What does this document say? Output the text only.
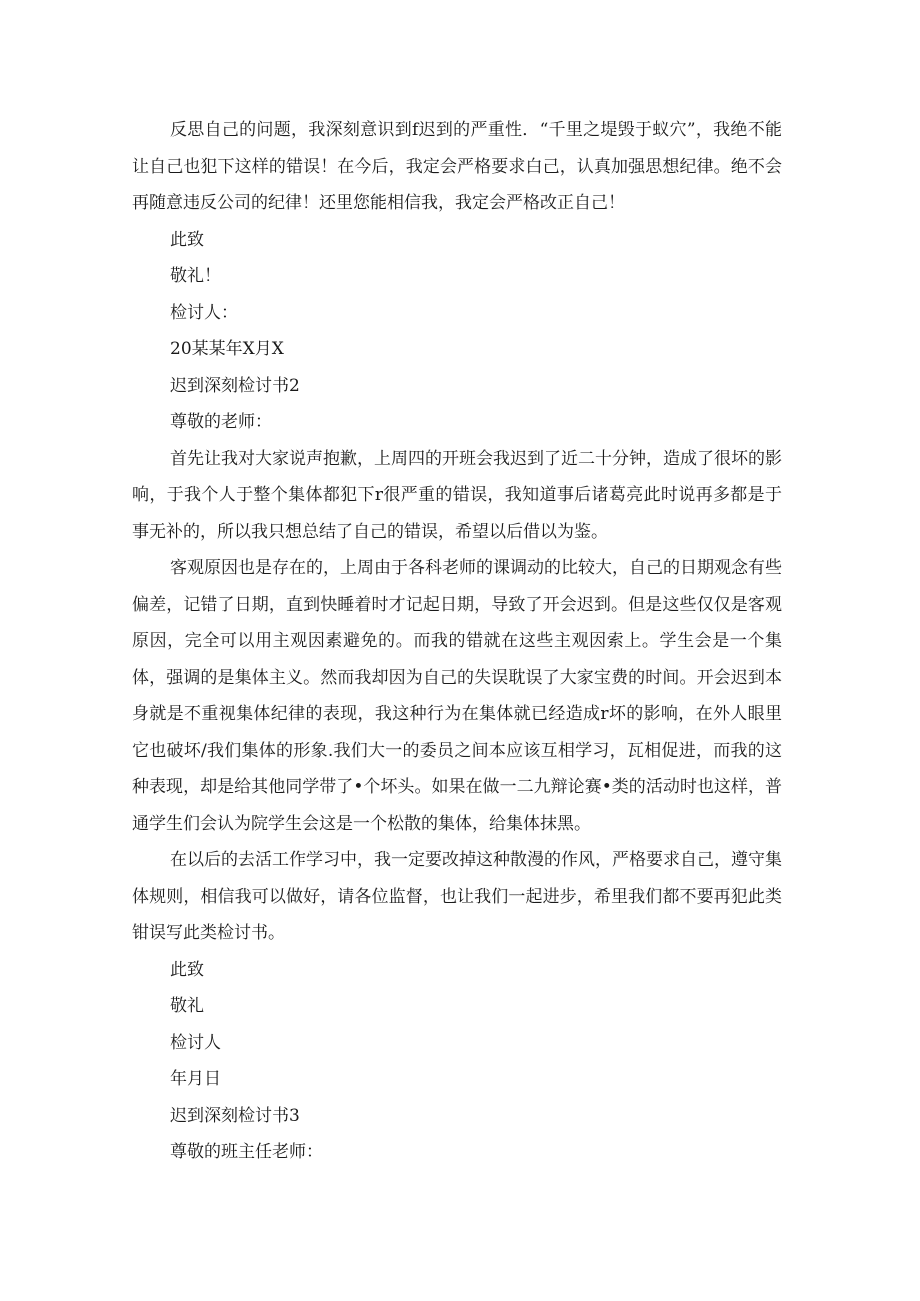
反思自己的问题，我深刻意识到f迟到的严重性．“千里之堤毁于蚁穴”，我绝不能让自己也犯下这样的错误！在今后，我定会严格要求白己，认真加强思想纪律。绝不会再随意违反公司的纪律！还里您能相信我，我定会严格改正自己！

此致

敬礼！

检讨人：

20某某年X月X

迟到深刻检讨书2

尊敬的老师：

首先让我对大家说声抱歉，上周四的开班会我迟到了近二十分钟，造成了很坏的影响，于我个人于整个集体都犯下r很严重的错误，我知道事后诸葛亮此时说再多都是于事无补的，所以我只想总结了自己的错误，希望以后借以为鉴。

客观原因也是存在的，上周由于各科老师的课调动的比较大，自己的日期观念有些偏差，记错了日期，直到快睡着时才记起日期，导致了开会迟到。但是这些仅仅是客观原因，完全可以用主观因素避免的。而我的错就在这些主观因索上。学生会是一个集体，强调的是集体主义。然而我却因为自己的失误耽误了大家宝费的时间。开会迟到本身就是不重视集体纪律的表现，我这种行为在集体就已经造成r坏的影响，在外人眼里它也破坏/我们集体的形象.我们大一的委员之间本应该互相学习，瓦相促进，而我的这种表现，却是给其他同学带了•个坏头。如果在做一二九辩论赛•类的活动时也这样，普通学生们会认为院学生会这是一个松散的集体，给集体抹黑。

在以后的去活工作学习中，我一定要改掉这种散漫的作风，严格要求自己，遵守集体规则，相信我可以做好，请各位监督，也让我们一起进步，希里我们都不要再犯此类钳误写此类检讨书。

此致

敬礼

检讨人

年月日

迟到深刻检讨书3

尊敬的班主任老师：
